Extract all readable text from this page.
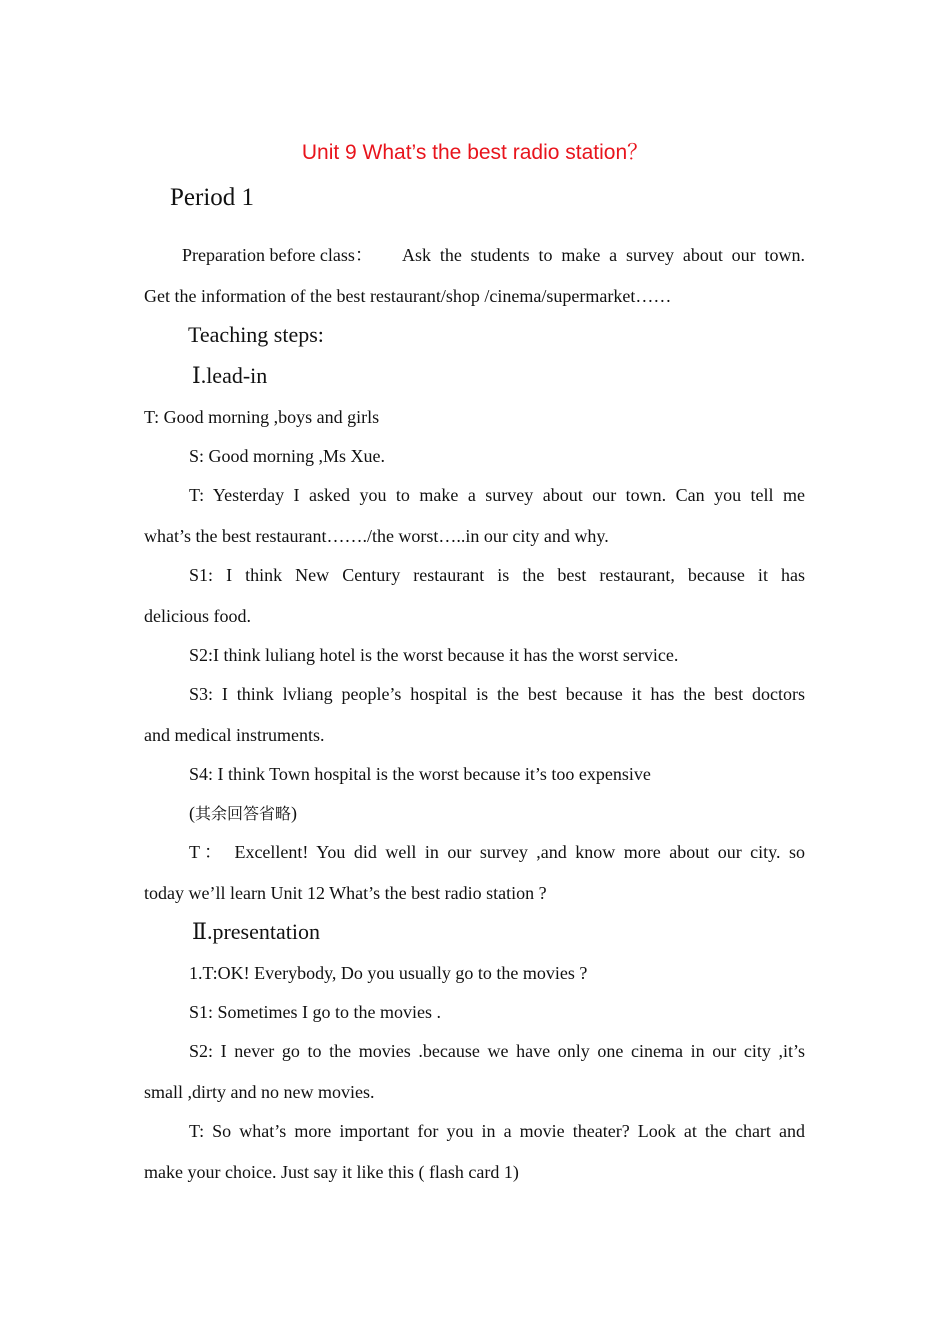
Unit 9 What’s the best radio station？
Period 1
Preparation before class： Ask the students to make a survey about our town.
Get the information of the best restaurant/shop /cinema/supermarket……
Teaching steps:
Ⅰ.lead-in
T: Good morning ,boys and girls
S: Good morning ,Ms Xue.
T: Yesterday I asked you to make a survey about our town. Can you tell me
what’s the best restaurant……./the worst…..in our city and why.
S1: I think New Century restaurant is the best restaurant, because it has
delicious food.
S2:I think luliang hotel is the worst because it has the worst service.
S3: I think lvliang people’s hospital is the best because it has the best doctors
and medical instruments.
S4: I think Town hospital is the worst because it’s too expensive
(其余回答省略)
T： Excellent! You did well in our survey ,and know more about our city. so
today we’ll learn Unit 12 What’s the best radio station ?
Ⅱ.presentation
1.T:OK! Everybody, Do you usually go to the movies ?
S1: Sometimes I go to the movies .
S2: I never go to the movies .because we have only one cinema in our city ,it’s
small ,dirty and no new movies.
T: So what’s more important for you in a movie theater? Look at the chart and
make your choice. Just say it like this ( flash card 1)
